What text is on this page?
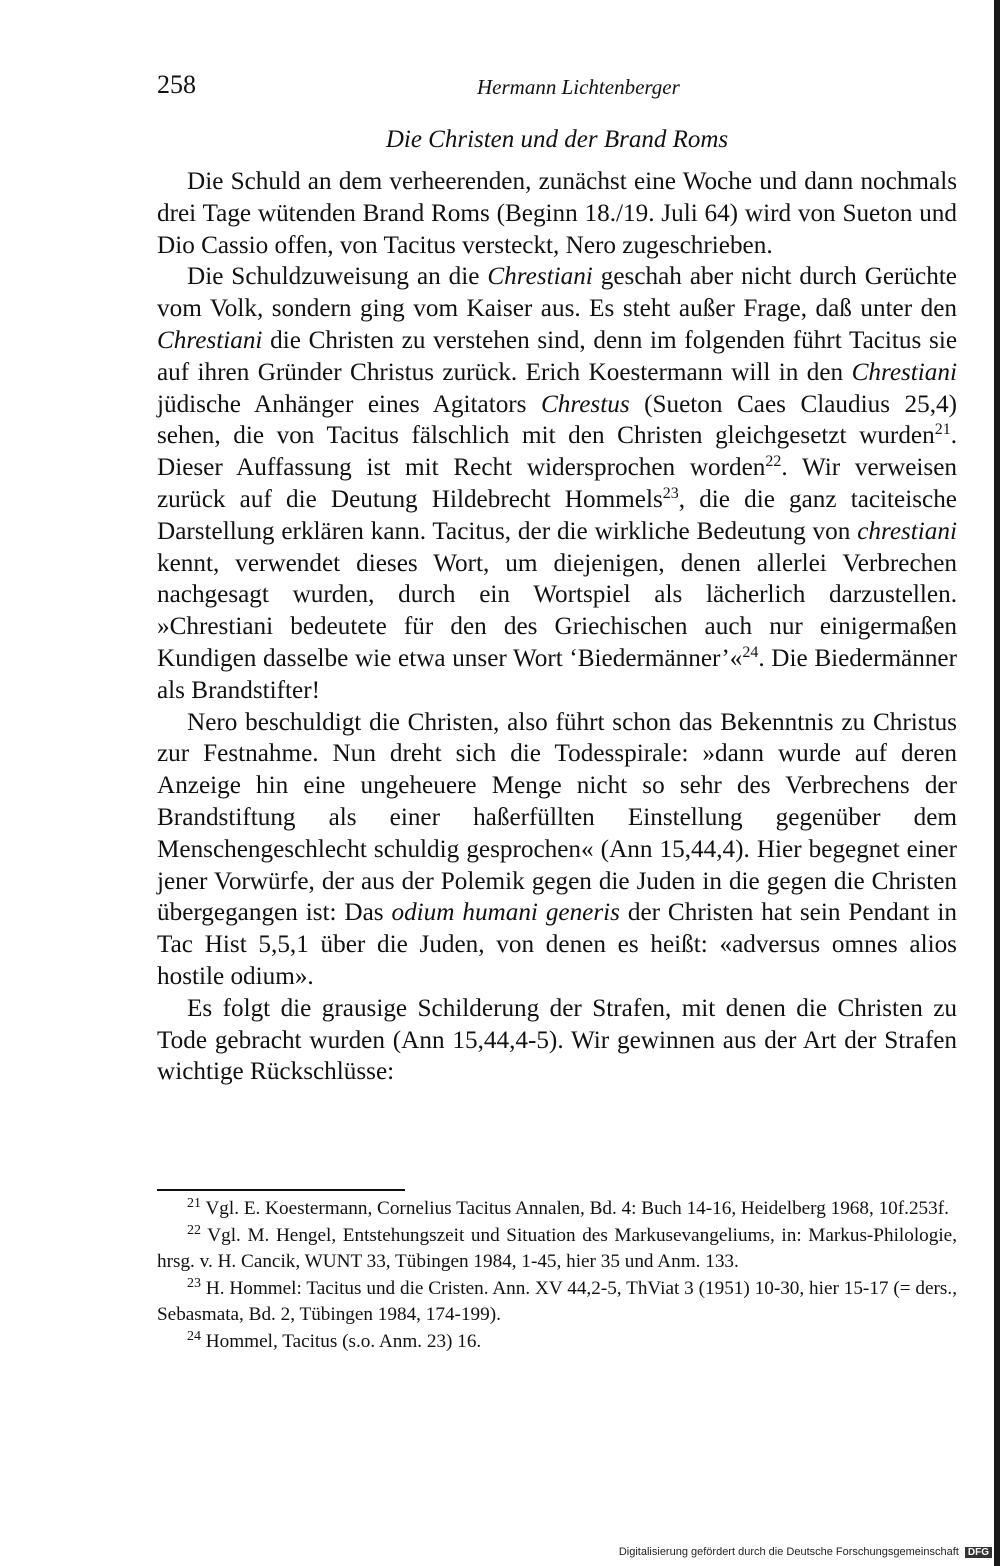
258	Hermann Lichtenberger
Die Christen und der Brand Roms

Die Schuld an dem verheerenden, zunächst eine Woche und dann nochmals drei Tage wütenden Brand Roms (Beginn 18./19. Juli 64) wird von Sueton und Dio Cassio offen, von Tacitus versteckt, Nero zugeschrieben.

Die Schuldzuweisung an die Chrestiani geschah aber nicht durch Gerüchte vom Volk, sondern ging vom Kaiser aus. Es steht außer Frage, daß unter den Chrestiani die Christen zu verstehen sind, denn im folgenden führt Tacitus sie auf ihren Gründer Christus zurück. Erich Koestermann will in den Chrestiani jüdische Anhänger eines Agitators Chrestus (Sueton Caes Claudius 25,4) sehen, die von Tacitus fälschlich mit den Christen gleichgesetzt wurden$^{21}$. Dieser Auffassung ist mit Recht widersprochen worden$^{22}$. Wir verweisen zurück auf die Deutung Hildebrecht Hommels$^{23}$, die die ganz taciteische Darstellung erklären kann. Tacitus, der die wirkliche Bedeutung von chrestiani kennt, verwendet dieses Wort, um diejenigen, denen allerlei Verbrechen nachgesagt wurden, durch ein Wortspiel als lächerlich darzustellen. »Chrestiani bedeutete für den des Griechischen auch nur einigermaßen Kundigen dasselbe wie etwa unser Wort ‘Biedermänner’«$^{24}$. Die Biedermänner als Brandstifter!

Nero beschuldigt die Christen, also führt schon das Bekenntnis zu Christus zur Festnahme. Nun dreht sich die Todesspirale: »dann wurde auf deren Anzeige hin eine ungeheuere Menge nicht so sehr des Verbrechens der Brandstiftung als einer haßerfüllten Einstellung gegenüber dem Menschengeschlecht schuldig gesprochen« (Ann 15,44,4). Hier begegnet einer jener Vorwürfe, der aus der Polemik gegen die Juden in die gegen die Christen übergegangen ist: Das odium humani generis der Christen hat sein Pendant in Tac Hist 5,5,1 über die Juden, von denen es heißt: «adversus omnes alios hostile odium».

Es folgt die grausige Schilderung der Strafen, mit denen die Christen zu Tode gebracht wurden (Ann 15,44,4-5). Wir gewinnen aus der Art der Strafen wichtige Rückschlüsse:

$^{21}$ Vgl. E. Koestermann, Cornelius Tacitus Annalen, Bd. 4: Buch 14-16, Heidelberg 1968, 10f.253f.

$^{22}$ Vgl. M. Hengel, Entstehungszeit und Situation des Markusevangeliums, in: Markus-Philologie, hrsg. v. H. Cancik, WUNT 33, Tübingen 1984, 1-45, hier 35 und Anm. 133.

$^{23}$ H. Hommel: Tacitus und die Cristen. Ann. XV 44,2-5, ThViat 3 (1951) 10-30, hier 15-17 (= ders., Sebasmata, Bd. 2, Tübingen 1984, 174-199).

$^{24}$ Hommel, Tacitus (s.o. Anm. 23) 16.

Digitalisierung gefördert durch die Deutsche Forschungsgemeinschaft DFG
